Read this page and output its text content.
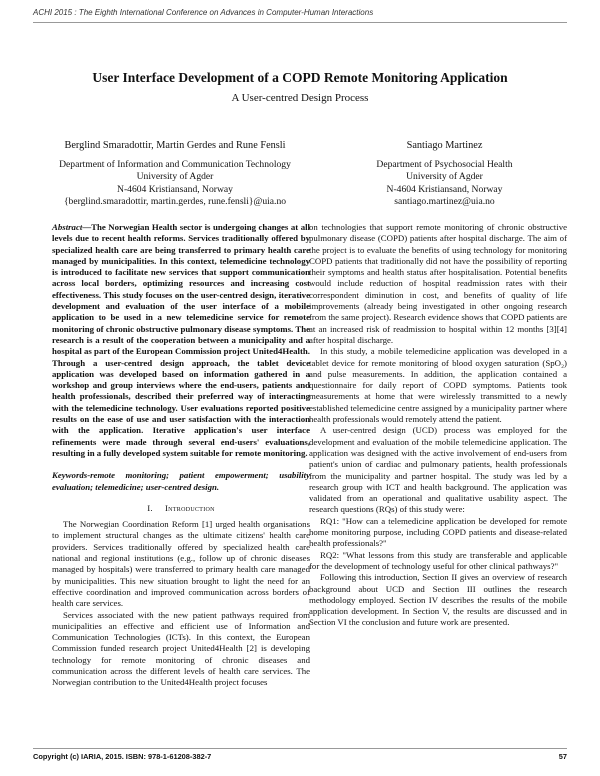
ACHI 2015 : The Eighth International Conference on Advances in Computer-Human Interactions
User Interface Development of a COPD Remote Monitoring Application
A User-centred Design Process
Berglind Smaradottir, Martin Gerdes and Rune Fensli
Department of Information and Communication Technology
University of Agder
N-4604 Kristiansand, Norway
{berglind.smaradottir, martin.gerdes, rune.fensli}@uia.no
Santiago Martinez
Department of Psychosocial Health
University of Agder
N-4604 Kristiansand, Norway
santiago.martinez@uia.no

Abstract—The Norwegian Health sector is undergoing changes at all levels due to recent health reforms. Services traditionally offered by specialized health care are being transferred to primary health care managed by municipalities. In this context, telemedicine technology is introduced to facilitate new services that support communication across local borders, optimizing resources and increasing cost effectiveness. This study focuses on the user-centred design, iterative development and evaluation of the user interface of a mobile application to be used in a new telemedicine service for remote monitoring of chronic obstructive pulmonary disease symptoms. The research is a result of the cooperation between a municipality and a hospital as part of the European Commission project United4Health. Through a user-centred design approach, the tablet device application was developed based on information gathered in a workshop and group interviews where the end-users, patients and health professionals, described their preferred way of interacting with the telemedicine technology. User evaluations reported positive results on the ease of use and user satisfaction with the interaction with the application. Iterative application's user interface refinements were made through several end-users' evaluations, resulting in a fully developed system suitable for remote monitoring.

Keywords-remote monitoring; patient empowerment; usability evaluation; telemedicine; user-centred design.

I. Introduction

The Norwegian Coordination Reform [1] urged health organisations to implement structural changes as the ultimate citizens' health care providers. Services traditionally offered by specialized health care national and regional institutions (e.g., follow up of chronic diseases managed by hospitals) were transferred to primary health care managed by municipalities. This new situation brought to light the need for an effective coordination and improved communication across borders of health care services.

Services associated with the new patient pathways required from municipalities an effective and efficient use of Information and Communication Technologies (ICTs). In this context, the European Commission funded research project United4Health [2] is developing technology for remote monitoring of chronic diseases and communication across the different levels of health care services. The Norwegian contribution to the United4Health project focuses

on technologies that support remote monitoring of chronic obstructive pulmonary disease (COPD) patients after hospital discharge. The aim of the project is to evaluate the benefits of using technology for monitoring COPD patients that traditionally did not have the possibility of reporting their symptoms and health status after hospitalisation. Potential benefits would include reduction of hospital readmission rates with their correspondent diminution in cost, and benefits of quality of life improvements (already being investigated in other ongoing research from the same project). Research evidence shows that COPD patients are at an increased risk of readmission to hospital within 12 months [3][4] after hospital discharge.

In this study, a mobile telemedicine application was developed in a tablet device for remote monitoring of blood oxygen saturation (SpO₂) and pulse measurements. In addition, the application contained a questionnaire for daily report of COPD symptoms. Patients took measurements at home that were wirelessly transmitted to a newly established telemedicine centre assigned by a municipality partner where health professionals would remotely attend the patient.

A user-centred design (UCD) process was employed for the development and evaluation of the mobile telemedicine application. The application was designed with the active involvement of end-users from patient's union of cardiac and pulmonary patients, health professionals from the municipality and partner hospital. The study was led by a research group with ICT and health background. The application was validated from an operational and qualitative usability aspect. The research questions (RQs) of this study were:

RQ1: "How can a telemedicine application be developed for remote home monitoring purpose, including COPD patients and disease-related health professionals?"

RQ2: "What lessons from this study are transferable and applicable for the development of technology useful for other clinical pathways?"

Following this introduction, Section II gives an overview of research background about UCD and Section III outlines the research methodology employed. Section IV describes the results of the mobile application development. In Section V, the results are discussed and in Section VI the conclusion and future work are presented.

Copyright (c) IARIA, 2015. ISBN: 978-1-61208-382-7	57
